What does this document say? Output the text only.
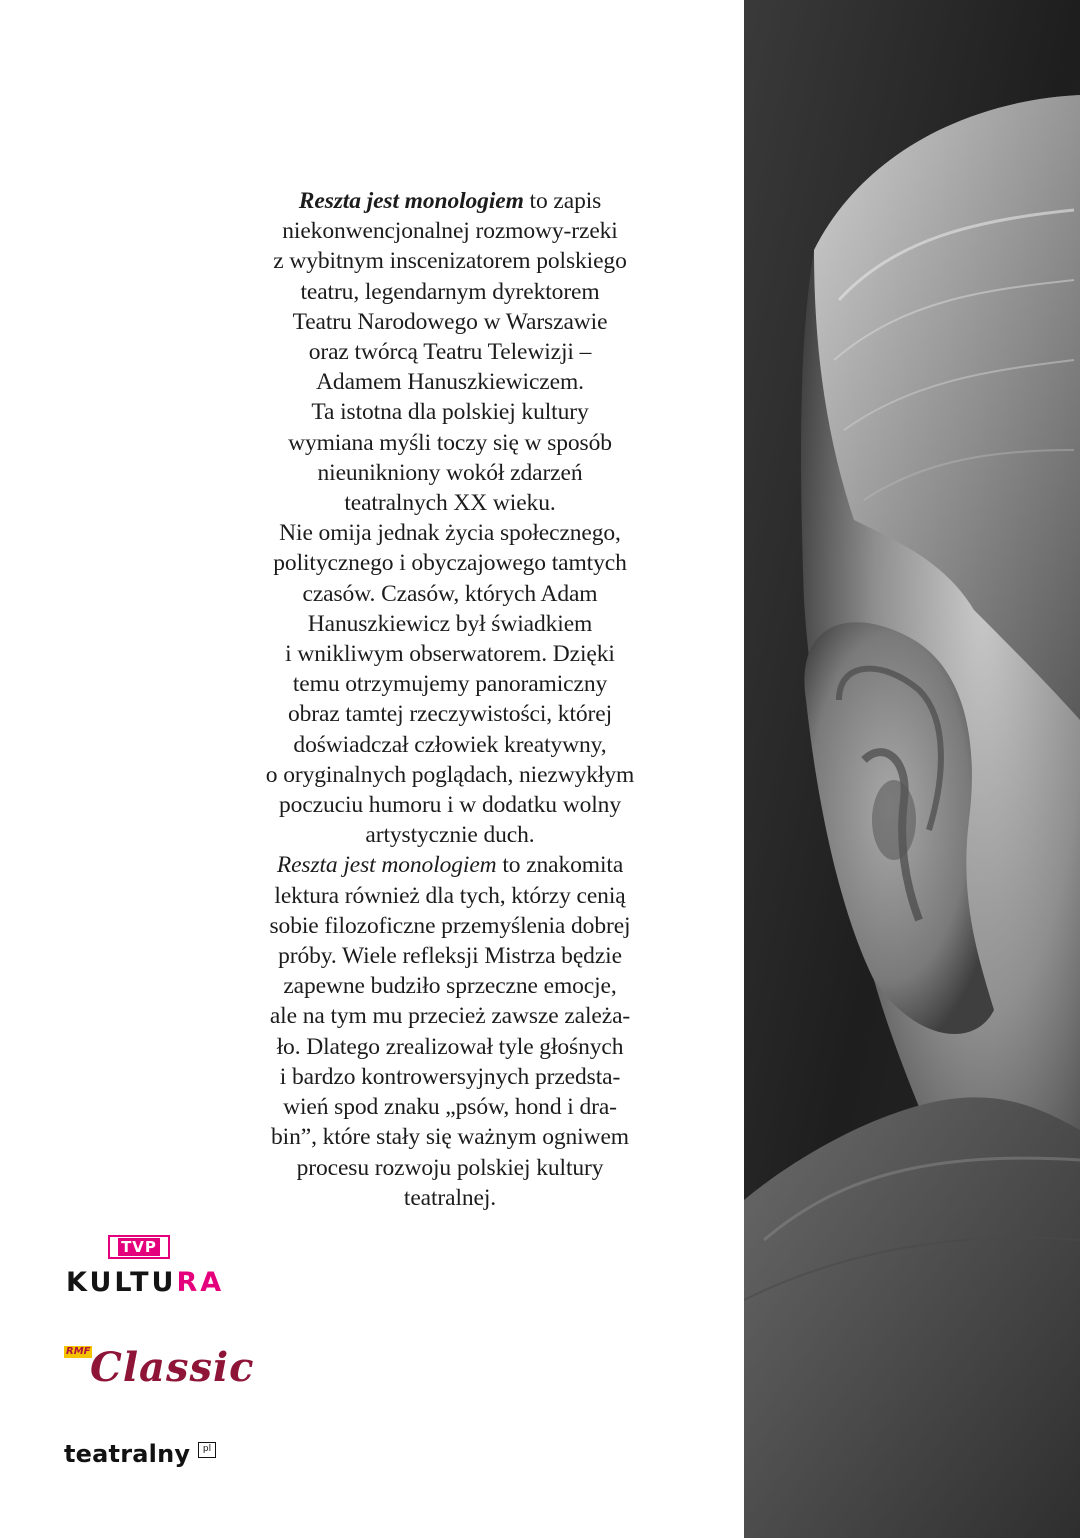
Reszta jest monologiem to zapis
niekonwencjonalnej rozmowy-rzeki
z wybitnym inscenizatorem polskiego
teatru, legendarnym dyrektorem
Teatru Narodowego w Warszawie
oraz twórcą Teatru Telewizji –
Adamem Hanuszkiewiczem.

Ta istotna dla polskiej kultury
wymiana myśli toczy się w sposób
nieunikniony wokół zdarzeń
teatralnych XX wieku.

Nie omija jednak życia społecznego,
politycznego i obyczajowego tamtych
czasów. Czasów, których Adam
Hanuszkiewicz był świadkiem
i wnikliwym obserwatorem. Dzięki
temu otrzymujemy panoramiczny
obraz tamtej rzeczywistości, której
doświadczał człowiek kreatywny,
o oryginalnych poglądach, niezwykłym
poczuciu humoru i w dodatku wolny
artystycznie duch.

Reszta jest monologiem to znakomita
lektura również dla tych, którzy cenią
sobie filozoficzne przemyślenia dobrej
próby. Wiele refleksji Mistrza będzie
zapewne budziło sprzeczne emocje,
ale na tym mu przecież zawsze zależa-
ło. Dlatego zrealizował tyle głośnych
i bardzo kontrowersyjnych przedsta-
wień spod znaku „psów, hond i dra-
bin”, które stały się ważnym ogniwem
procesu rozwoju polskiej kultury
teatralnej.

TVP
KULTURA
RMF Classic
teatralny	pl
